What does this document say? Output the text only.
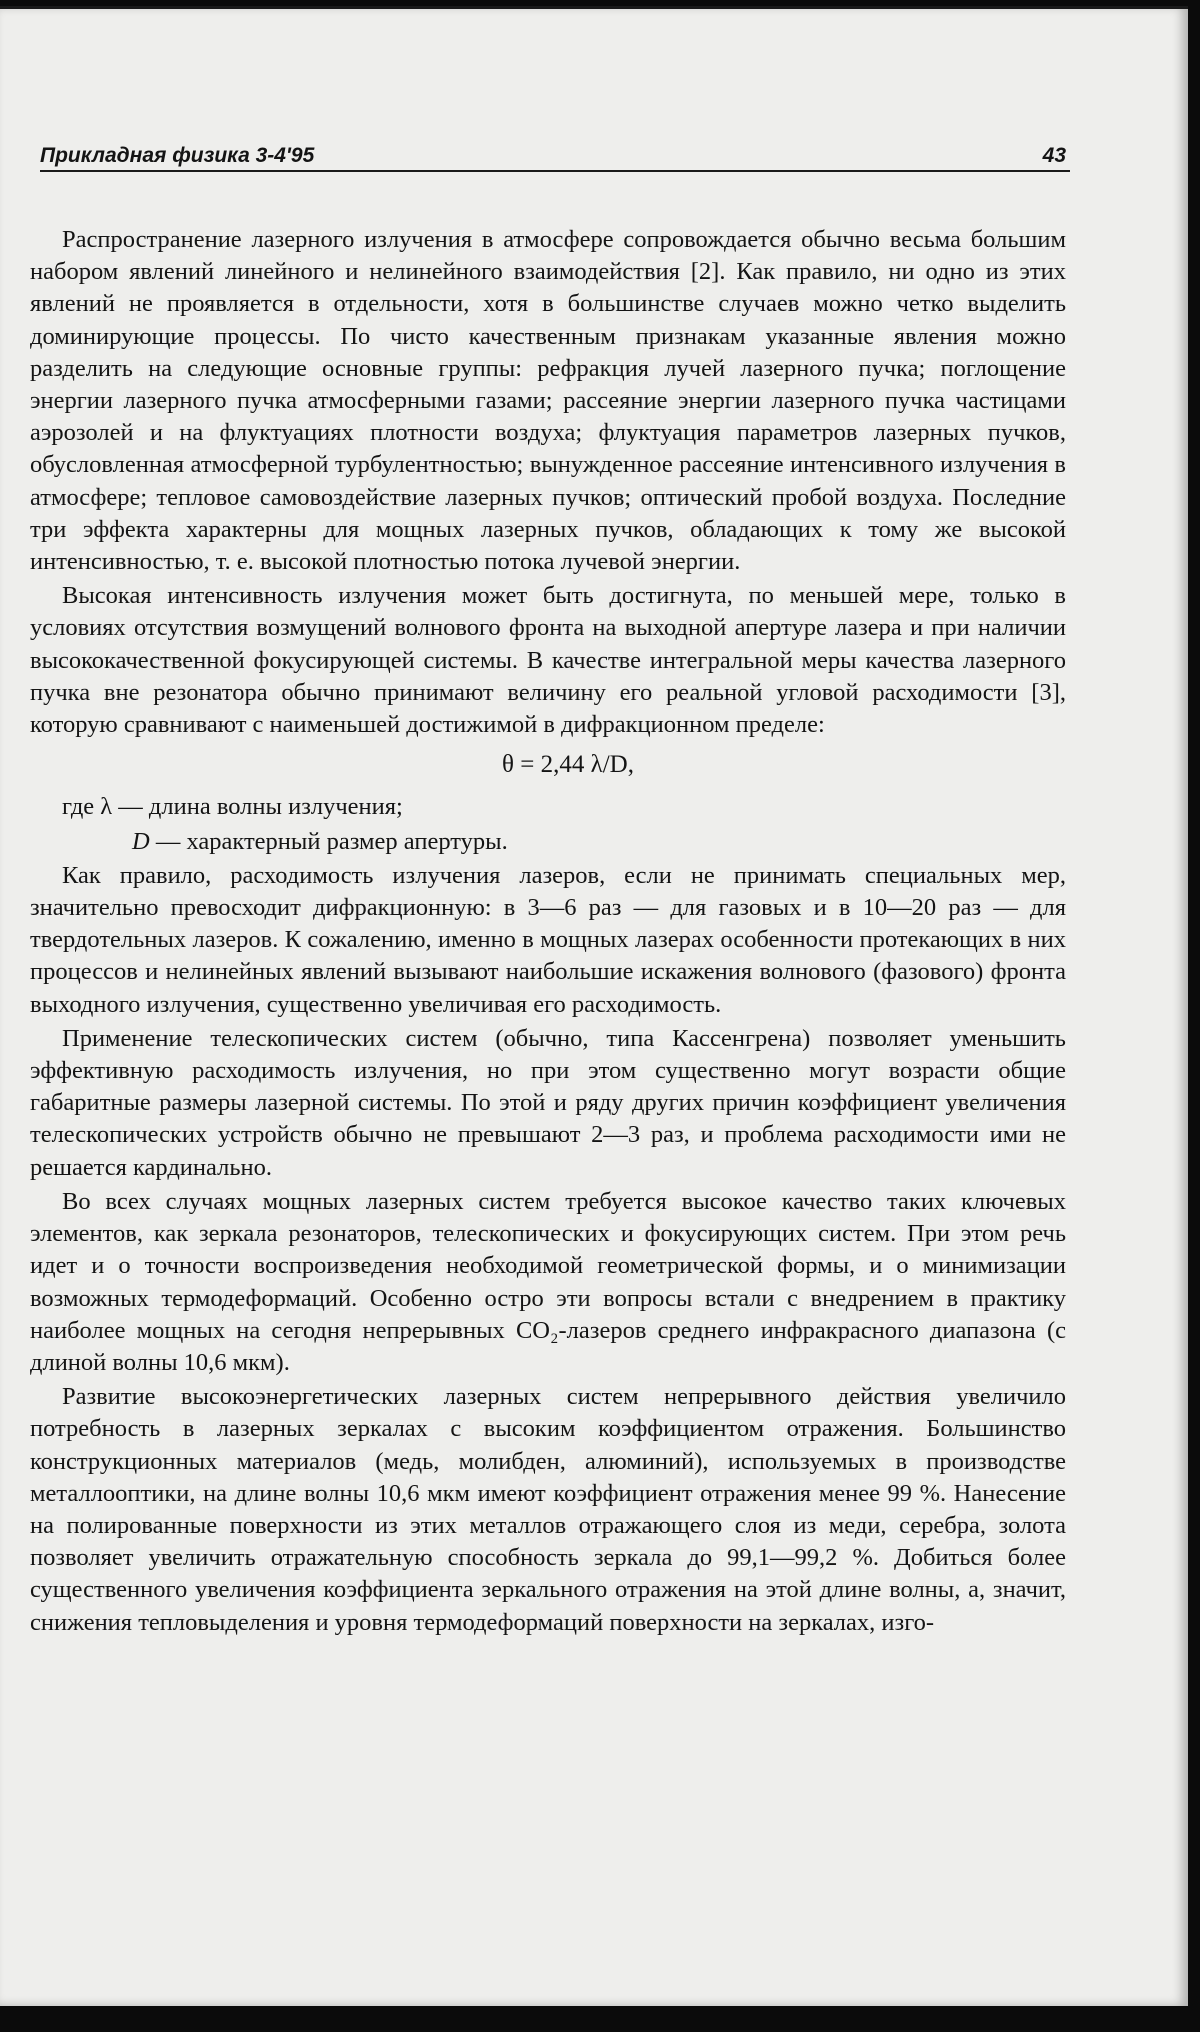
Прикладная физика 3-4'95	43

Распространение лазерного излучения в атмосфере сопровождается обычно весьма большим набором явлений линейного и нелинейного взаимодействия [2]. Как правило, ни одно из этих явлений не проявляется в отдельности, хотя в большинстве случаев можно четко выделить доминирующие процессы. По чисто качественным признакам указанные явления можно разделить на следующие основные группы: рефракция лучей лазерного пучка; поглощение энергии лазерного пучка атмосферными газами; рассеяние энергии лазерного пучка частицами аэрозолей и на флуктуациях плотности воздуха; флуктуация параметров лазерных пучков, обусловленная атмосферной турбулентностью; вынужденное рассеяние интенсивного излучения в атмосфере; тепловое самовоздействие лазерных пучков; оптический пробой воздуха. Последние три эффекта характерны для мощных лазерных пучков, обладающих к тому же высокой интенсивностью, т. е. высокой плотностью потока лучевой энергии.

Высокая интенсивность излучения может быть достигнута, по меньшей мере, только в условиях отсутствия возмущений волнового фронта на выходной апертуре лазера и при наличии высококачественной фокусирующей системы. В качестве интегральной меры качества лазерного пучка вне резонатора обычно принимают величину его реальной угловой расходимости [3], которую сравнивают с наименьшей достижимой в дифракционном пределе:

θ = 2,44 λ/D,

где λ — длина волны излучения;

D — характерный размер апертуры.

Как правило, расходимость излучения лазеров, если не принимать специальных мер, значительно превосходит дифракционную: в 3—6 раз — для газовых и в 10—20 раз — для твердотельных лазеров. К сожалению, именно в мощных лазерах особенности протекающих в них процессов и нелинейных явлений вызывают наибольшие искажения волнового (фазового) фронта выходного излучения, существенно увеличивая его расходимость.

Применение телескопических систем (обычно, типа Кассенгрена) позволяет уменьшить эффективную расходимость излучения, но при этом существенно могут возрасти общие габаритные размеры лазерной системы. По этой и ряду других причин коэффициент увеличения телескопических устройств обычно не превышают 2—3 раз, и проблема расходимости ими не решается кардинально.

Во всех случаях мощных лазерных систем требуется высокое качество таких ключевых элементов, как зеркала резонаторов, телескопических и фокусирующих систем. При этом речь идет и о точности воспроизведения необходимой геометрической формы, и о минимизации возможных термодеформаций. Особенно остро эти вопросы встали с внедрением в практику наиболее мощных на сегодня непрерывных CO₂-лазеров среднего инфракрасного диапазона (с длиной волны 10,6 мкм).

Развитие высокоэнергетических лазерных систем непрерывного действия увеличило потребность в лазерных зеркалах с высоким коэффициентом отражения. Большинство конструкционных материалов (медь, молибден, алюминий), используемых в производстве металлооптики, на длине волны 10,6 мкм имеют коэффициент отражения менее 99 %. Нанесение на полированные поверхности из этих металлов отражающего слоя из меди, серебра, золота позволяет увеличить отражательную способность зеркала до 99,1—99,2 %. Добиться более существенного увеличения коэффициента зеркального отражения на этой длине волны, а, значит, снижения тепловыделения и уровня термодеформаций поверхности на зеркалах, изго-
